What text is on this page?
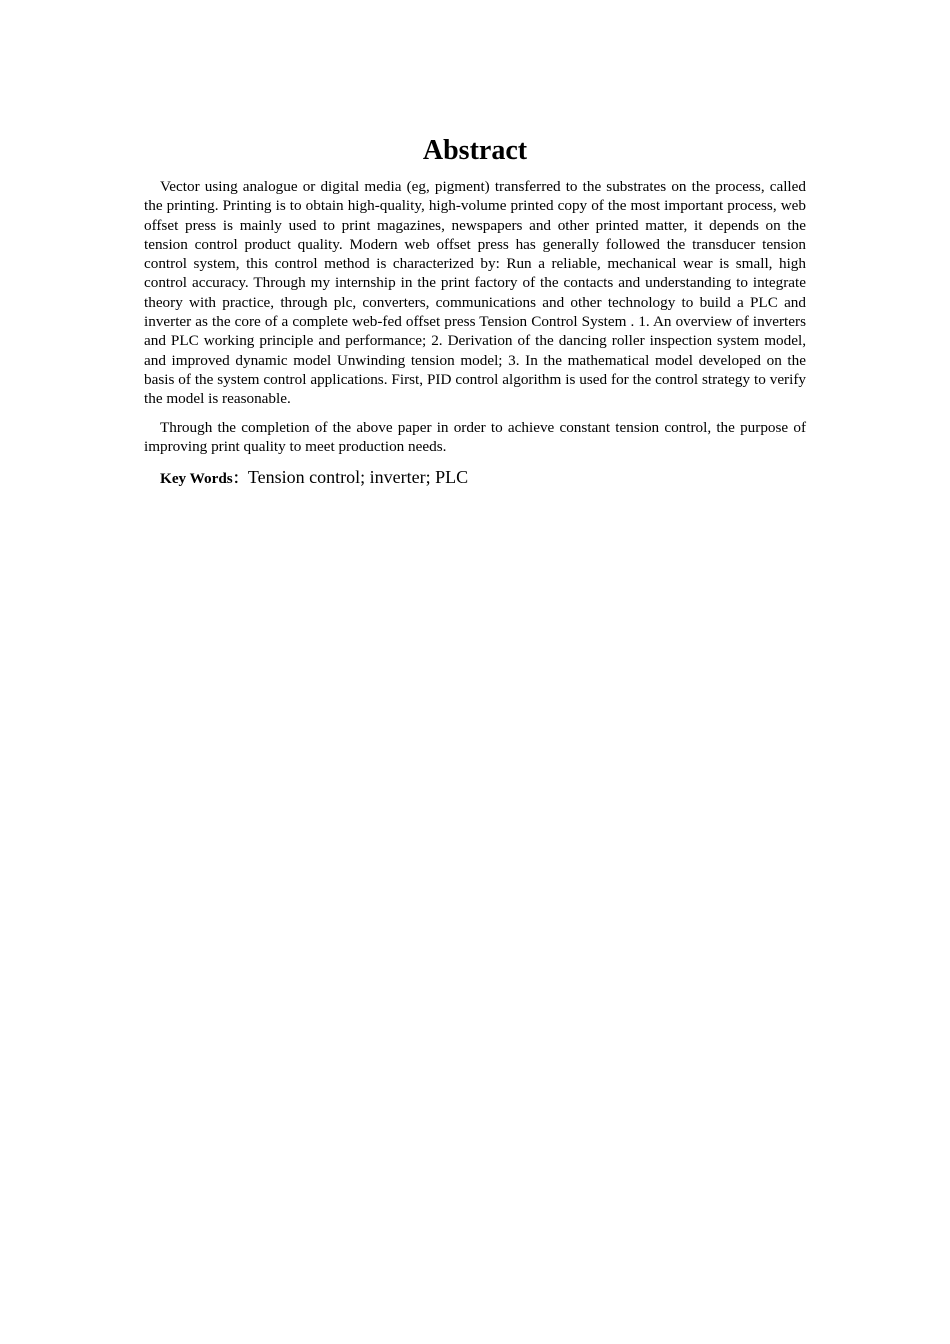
Abstract

Vector using analogue or digital media (eg, pigment) transferred to the substrates on the process, called the printing. Printing is to obtain high-quality, high-volume printed copy of the most important process, web offset press is mainly used to print magazines, newspapers and other printed matter, it depends on the tension control product quality. Modern web offset press has generally followed the transducer tension control system, this control method is characterized by: Run a reliable, mechanical wear is small, high control accuracy. Through my internship in the print factory of the contacts and understanding to integrate theory with practice, through plc, converters, communications and other technology to build a PLC and inverter as the core of a complete web-fed offset press Tension Control System . 1. An overview of inverters and PLC working principle and performance; 2. Derivation of the dancing roller inspection system model, and improved dynamic model Unwinding tension model; 3. In the mathematical model developed on the basis of the system control applications. First, PID control algorithm is used for the control strategy to verify the model is reasonable.

Through the completion of the above paper in order to achieve constant tension control, the purpose of improving print quality to meet production needs.

Key Words：Tension control; inverter; PLC
